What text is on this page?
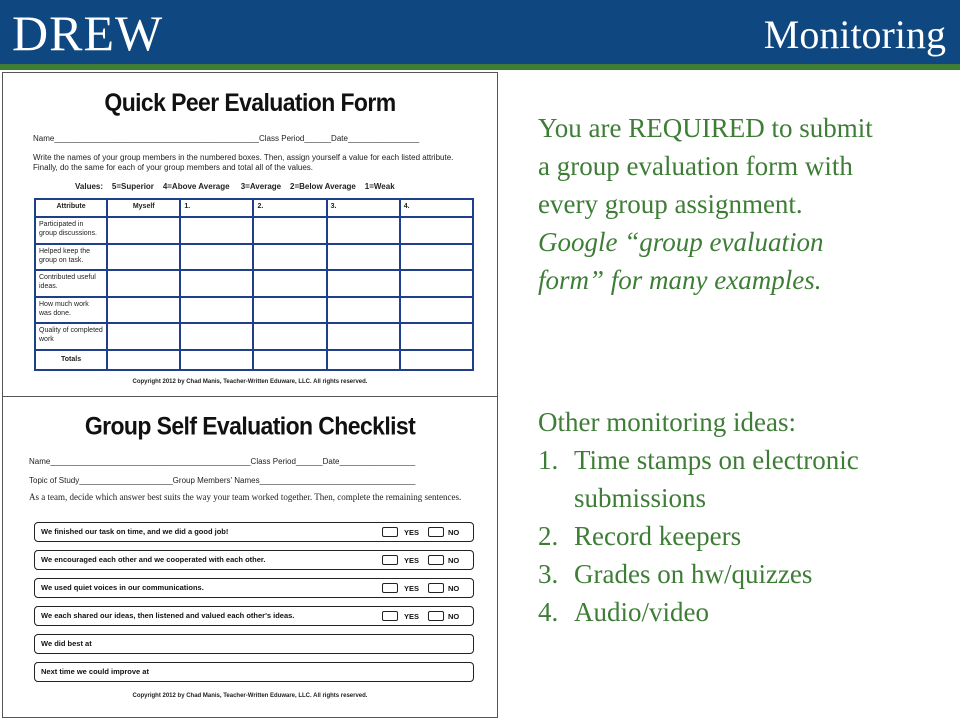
DREW	Monitoring
Quick Peer Evaluation Form
Name______________________________________________Class Period______Date________________
Write the names of your group members in the numbered boxes. Then, assign yourself a value for each listed attribute. Finally, do the same for each of your group members and total all of the values.
Values:    5=Superior    4=Above Average     3=Average    2=Below Average    1=Weak
Attribute	Myself	1.	2.	3.	4.
Participated in group discussions.					
Helped keep the group on task.					
Contributed useful ideas.					
How much work was done.					
Quality of completed work					
Totals					
Copyright 2012 by Chad Manis, Teacher-Written Eduware, LLC. All rights reserved.
Group Self Evaluation Checklist
Name_____________________________________________Class Period______Date_________________
Topic of Study_____________________Group Members' Names___________________________________
As a team, decide which answer best suits the way your team worked together. Then, complete the remaining sentences.
We finished our task on time, and we did a good job!	YES	NO
We encouraged each other and we cooperated with each other.	YES	NO
We used quiet voices in our communications.	YES	NO
We each shared our ideas, then listened and valued each other's ideas.	YES	NO
We did best at
Next time we could improve at
Copyright 2012 by Chad Manis, Teacher-Written Eduware, LLC. All rights reserved.
You are REQUIRED to submit
a group evaluation form with
every group assignment.
Google “group evaluation
form” for many examples.
Other monitoring ideas:
1. Time stamps on electronic submissions
2. Record keepers
3. Grades on hw/quizzes
4. Audio/video
